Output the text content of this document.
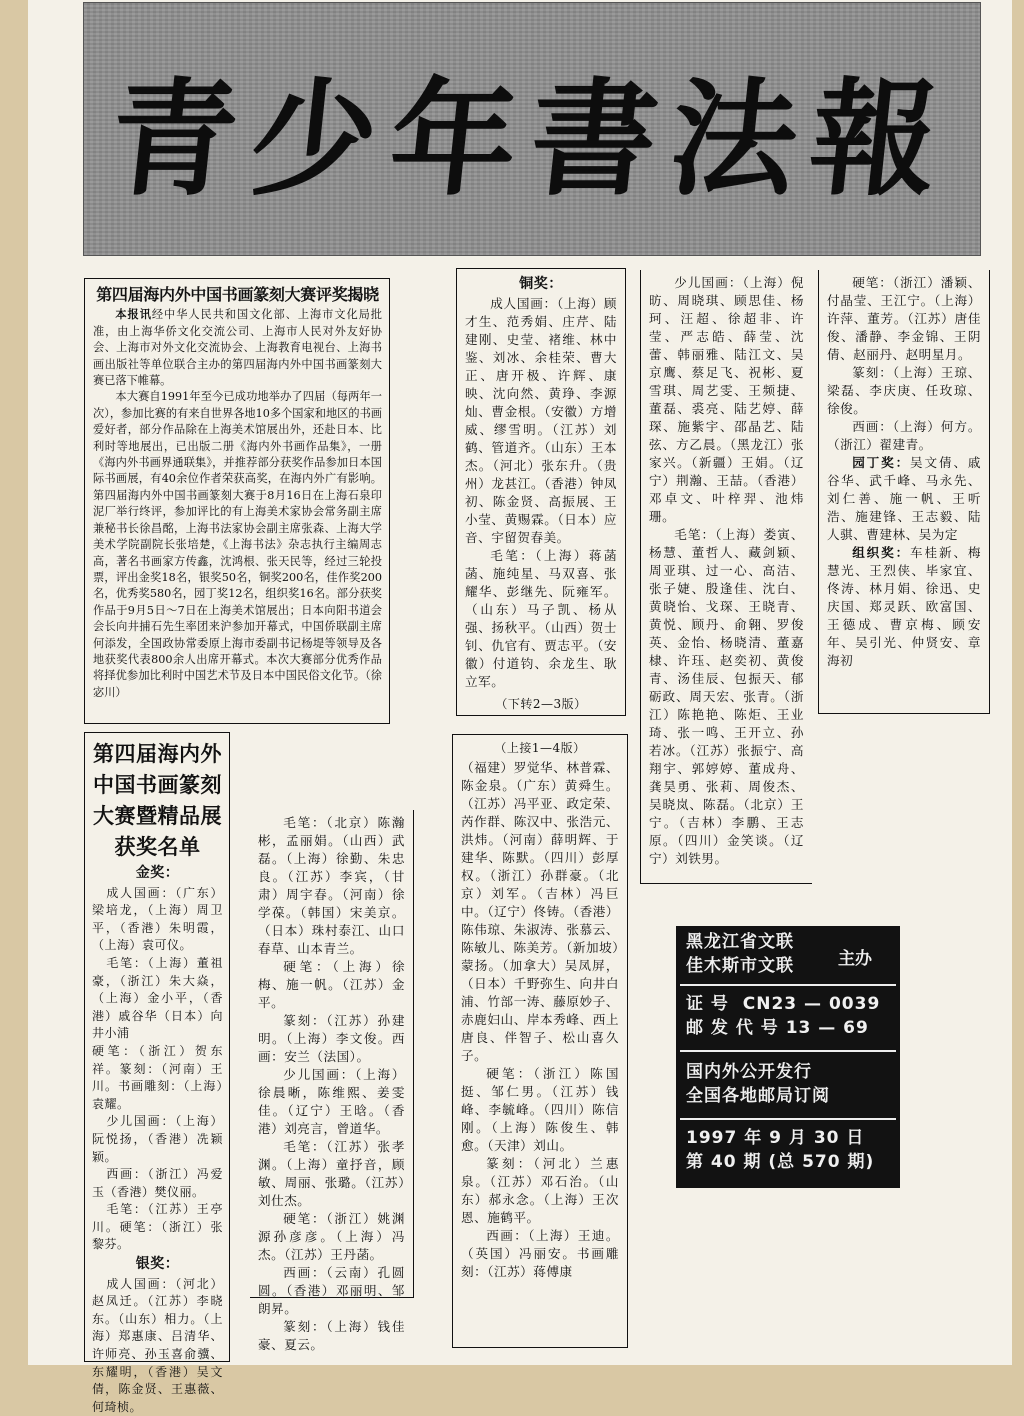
青少年書法報
第四届海内外中国书画篆刻大赛评奖揭晓

本报讯经中华人民共和国文化部、上海市文化局批准，由上海华侨文化交流公司、上海市人民对外友好协会、上海市对外文化交流协会、上海教育电视台、上海书画出版社等单位联合主办的第四届海内外中国书画篆刻大赛已落下帷幕。

本大赛自1991年至今已成功地举办了四届（每两年一次），参加比赛的有来自世界各地10多个国家和地区的书画爱好者，部分作品除在上海美术馆展出外，还赴日本、比利时等地展出，已出版二册《海内外书画作品集》，一册《海内外书画界通联集》，并推荐部分获奖作品参加日本国际书画展，有40余位作者荣获高奖，在海内外广有影响。第四届海内外中国书画篆刻大赛于8月16日在上海石泉印泥厂举行终评，参加评比的有上海美术家协会常务副主席兼秘书长徐昌酩，上海书法家协会副主席张森、上海大学美术学院副院长张培楚，《上海书法》杂志执行主编周志高，著名书画家方传鑫，沈鸿根、张天民等，经过三轮投票，评出金奖18名，银奖50名，铜奖200名，佳作奖200名，优秀奖580名，园丁奖12名，组织奖16名。部分获奖作品于9月5日～7日在上海美术馆展出；日本向阳书道会会长向井捕石先生率团来沪参加开幕式，中国侨联副主席何添发，全国政协常委原上海市委副书记杨堤等领导及各地获奖代表800余人出席开幕式。本次大赛部分优秀作品将择优参加比利时中国艺术节及日本中国民俗文化节。（徐宓川）

第四届海内外中国书画篆刻大赛暨精品展获奖名单
金奖：

成人国画：（广东）梁培龙，（上海）周卫平，（香港）朱明霞，（上海）袁可仪。

毛笔：（上海）董祖豪，（浙江）朱大焱，（上海）金小平，（香港）戚谷华（日本）向井小浦

硬笔：（浙江）贺东祥。篆刻：（河南）王川。书画雕刻：（上海）袁耀。

少儿国画：（上海）阮悦扬，（香港）冼颖颖。

西画：（浙江）冯爱玉（香港）樊仪丽。

毛笔：（江苏）王亭川。硬笔：（浙江）张黎芬。

银奖：

成人国画：（河北）赵凤迁。（江苏）李晓东。（山东）相力。（上海）郑惠康、吕清华、许师亮、孙玉喜俞骥、东耀明，（香港）吴文倩，陈金贤、王惠薇、何琦桢。

毛笔：（北京）陈瀚彬，孟丽娟。（山西）武磊。（上海）徐勤、朱忠良。（江苏）李宾，（甘肃）周宇春。（河南）徐学葆。（韩国）宋美京。（日本）珠村泰江、山口春草、山本青兰。

硬笔：（上海）徐梅、施一帆。（江苏）金平。

篆刻：（江苏）孙建明。（上海）李文俊。西画：安兰（法国）。

少儿国画：（上海）徐晨晰，陈维熙、姜雯佳。（辽宁）王晗。（香港）刘亮言，曾道华。

毛笔：（江苏）张孝渊。（上海）童抒音，顾敏、周丽、张璐。（江苏）刘仕杰。

硬笔：（浙江）姚渊源孙彦彦。（上海）冯杰。（江苏）王丹菡。

西画：（云南）孔圆圆。（香港）邓丽明、邹朗昇。

篆刻：（上海）钱佳豪、夏云。

铜奖：

成人国画：（上海）顾才生、范秀娟、庄芹、陆建刚、史莹、褚维、林中鉴、刘冰、余桂荣、曹大正、唐开极、许辉、康映、沈向然、黄琤、李源灿、曹金根。（安徽）方增威、缪雪明。（江苏）刘鹤、管道齐。（山东）王本杰。（河北）张东升。（贵州）龙甚江。（香港）钟凤初、陈金贤、高振展、王小莹、黄赐霖。（日本）应音、宇留贺春美。

毛笔：（上海）蒋菡菡、施纯星、马双喜、张耀华、彭继先、阮雍军。（山东）马子凯、杨从强、扬秋平。（山西）贺士钊、仇官有、贾志平。（安徽）付道钧、余龙生、耿立军。

（下转2—3版）
（上接1—4版）

（福建）罗觉华、林普霖、陈金泉。（广东）黄舜生。（江苏）冯平亚、政定荣、芮作群、陈汉中、张浩元、洪炜。（河南）薛明辉、于建华、陈默。（四川）彭厚权。（浙江）孙群豪。（北京）刘军。（吉林）冯巨中。（辽宁）佟铸。（香港）陈伟琼、朱淑涛、张慕云、陈敏儿、陈美芳。（新加坡）蒙扬。（加拿大）吴凤屏，（日本）千野弥生、向井白浦、竹部一涛、藤原妙子、赤鹿妇山、岸本秀峰、西上唐良、伴智子、松山喜久子。

硬笔：（浙江）陈国挺、邹仁男。（江苏）钱峰、李毓峰。（四川）陈信刚。（上海）陈俊生、韩愈。（天津）刘山。

篆刻：（河北）兰惠泉。（江苏）邓石治。（山东）郝永念。（上海）王次恩、施鹤平。

西画：（上海）王迪。（英国）冯丽安。书画雕刻：（江苏）蒋傅康

少儿国画：（上海）倪昉、周晓琪、顾思佳、杨珂、汪超、徐超非、许莹、严志皓、薛莹、沈蕾、韩丽雅、陆江文、吴京鹰、蔡足飞、祝彬、夏雪琪、周艺雯、王频捷、董磊、裘亮、陆艺婷、薛琛、施紫宇、邵晶艺、陆弦、方乙晨。（黑龙江）张家兴。（新疆）王娟。（辽宁）荆瀚、王喆。（香港）邓卓文、叶梓羿、池炜珊。

毛笔：（上海）娄寅、杨慧、董哲人、藏剑颖、周亚琪、过一心、高洁、张子婕、殷逢佳、沈白、黄晓怡、戈琛、王晓青、黄悦、顾丹、俞翱、罗俊英、金怡、杨晓清、董嘉棣、许珏、赵奕初、黄俊青、汤佳辰、包振天、郁砺政、周天宏、张青。（浙江）陈艳艳、陈炬、王业琦、张一鸣、王开立、孙若冰。（江苏）张振宁、高翔宇、郭婷婷、董成舟、龚昊勇、张莉、周俊杰、吴晓岚、陈磊。（北京）王宁。（吉林）李鹏、王志原。（四川）金笑谈。（辽宁）刘铁男。

硬笔：（浙江）潘颖、付晶莹、王江宁。（上海）许萍、董芳。（江苏）唐佳俊、潘静、李金锦、王阴倩、赵丽丹、赵明星月。

篆刻：（上海）王琼、梁磊、李庆庚、任玫琼、徐俊。

西画：（上海）何方。（浙江）翟建青。

园丁奖：吴文倩、戚谷华、武千峰、马永先、刘仁善、施一帆、王听浩、施建锋、王志毅、陆人骐、曹建林、吴为定

组织奖：车桂新、梅慧光、王烈侠、毕家宜、佟涛、林月娟、徐迅、史庆国、郑灵跃、欧富国、王德成、曹京梅、顾安年、吴引光、仲贤安、章海初

黑龙江省文联
佳木斯市文联	主办
证 号 CN23 — 0039
邮 发 代 号 13 — 69
国内外公开发行
全国各地邮局订阅
1997 年 9 月 30 日
第 40 期 (总 570 期)
